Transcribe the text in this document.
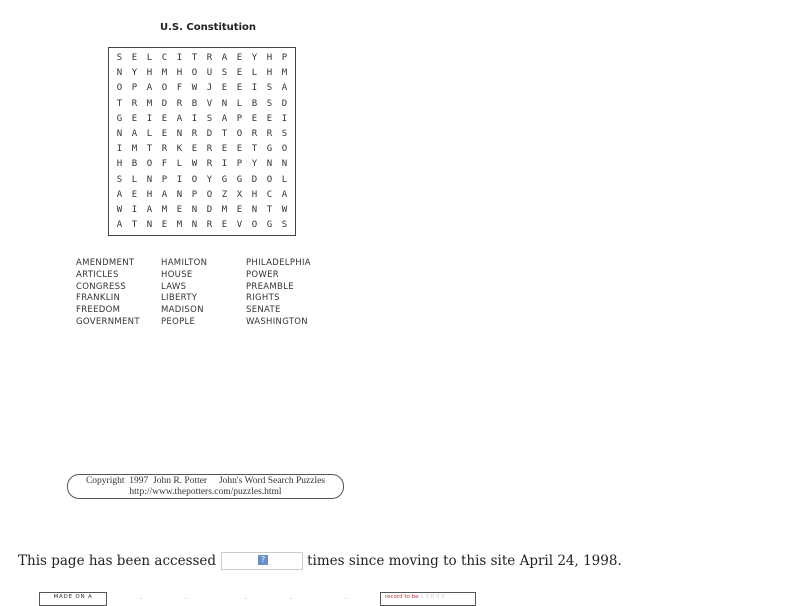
U.S. Constitution
S	E	L	C	I	T	R	A	E	Y	H	P
N	Y	H	M	H	O	U	S	E	L	H	M
O	P	A	O	F	W	J	E	E	I	S	A
T	R	M	D	R	B	V	N	L	B	S	D
G	E	I	E	A	I	S	A	P	E	E	I
N	A	L	E	N	R	D	T	O	R	R	S
I	M	T	R	K	E	R	E	E	T	G	O
H	B	O	F	L	W	R	I	P	Y	N	N
S	L	N	P	I	O	Y	G	G	D	O	L
A	E	H	A	N	P	O	Z	X	H	C	A
W	I	A	M	E	N	D	M	E	N	T	W
A	T	N	E	M	N	R	E	V	O	G	S
AMENDMENT
ARTICLES
CONGRESS
FRANKLIN
FREEDOM
GOVERNMENT
HAMILTON
HOUSE
LAWS
LIBERTY
MADISON
PEOPLE
PHILADELPHIA
POWER
PREAMBLE
RIGHTS
SENATE
WASHINGTON
Copyright  1997  John R. Potter     John's Word Search Puzzles
http://www.thepotters.com/puzzles.html
This page has been accessed	?	times since moving to this site April 24, 1998.
MADE ON A	·	·	·	·	·	record to be 1 0 0 0 0
